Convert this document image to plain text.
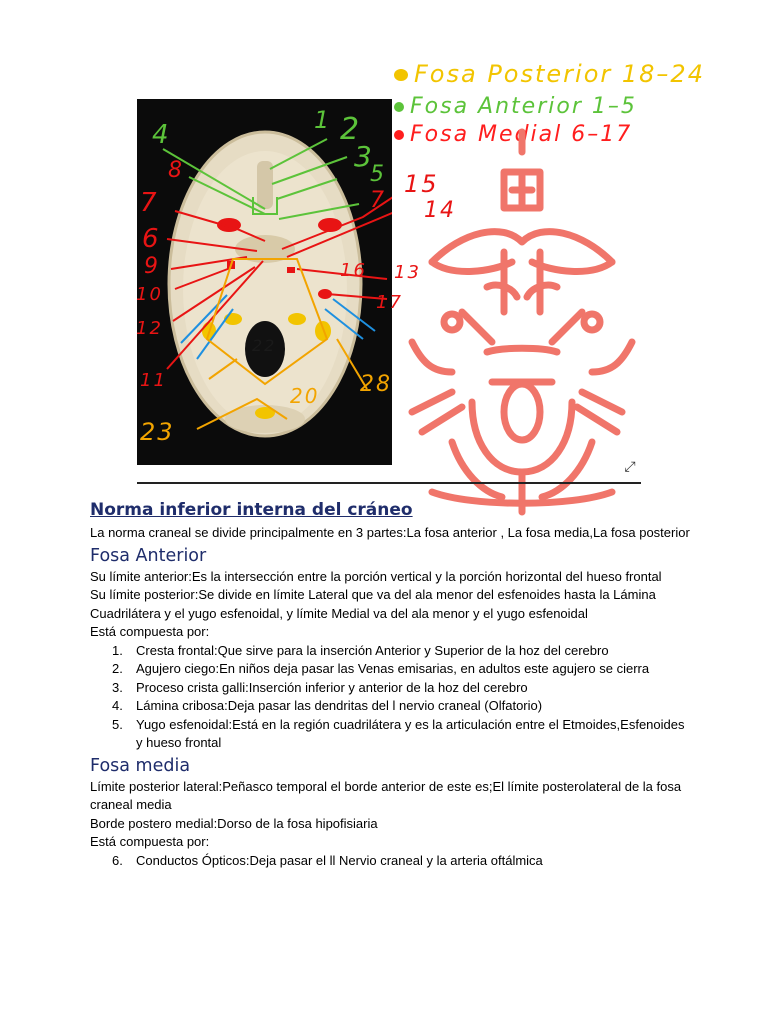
4	1 2
3
5
8
7	7
6
9
10
12
11
15
14
16 13
17
22
28
20
23
Fosa Posterior 18–24
Fosa Anterior 1–5
Fosa Medial 6–17
⤢
Norma inferior interna del cráneo

La norma craneal se divide principalmente en 3 partes:La fosa anterior , La fosa media,La fosa posterior

Fosa Anterior

Su límite anterior:Es la intersección entre la porción vertical y la porción horizontal del hueso frontal

Su límite posterior:Se divide en límite Lateral que va del ala menor del esfenoides hasta la Lámina Cuadrilátera y el yugo esfenoidal, y límite Medial va del ala menor y el yugo esfenoidal

Está compuesta por:

1. Cresta frontal:Que sirve para la inserción Anterior y Superior de la hoz del cerebro
2. Agujero ciego:En niños deja pasar las Venas emisarias, en adultos este agujero se cierra
3. Proceso crista galli:Inserción inferior y anterior de la hoz del cerebro
4. Lámina cribosa:Deja pasar las dendritas del l nervio craneal (Olfatorio)
5. Yugo esfenoidal:Está en la región cuadrilátera y es la articulación entre el Etmoides,Esfenoides y hueso frontal
Fosa media

Límite posterior lateral:Peñasco temporal el borde anterior de este es;El límite posterolateral de la fosa craneal media

Borde postero medial:Dorso de la fosa hipofisiaria

Está compuesta por:

6. Conductos Ópticos:Deja pasar el ll Nervio craneal y la arteria oftálmica
